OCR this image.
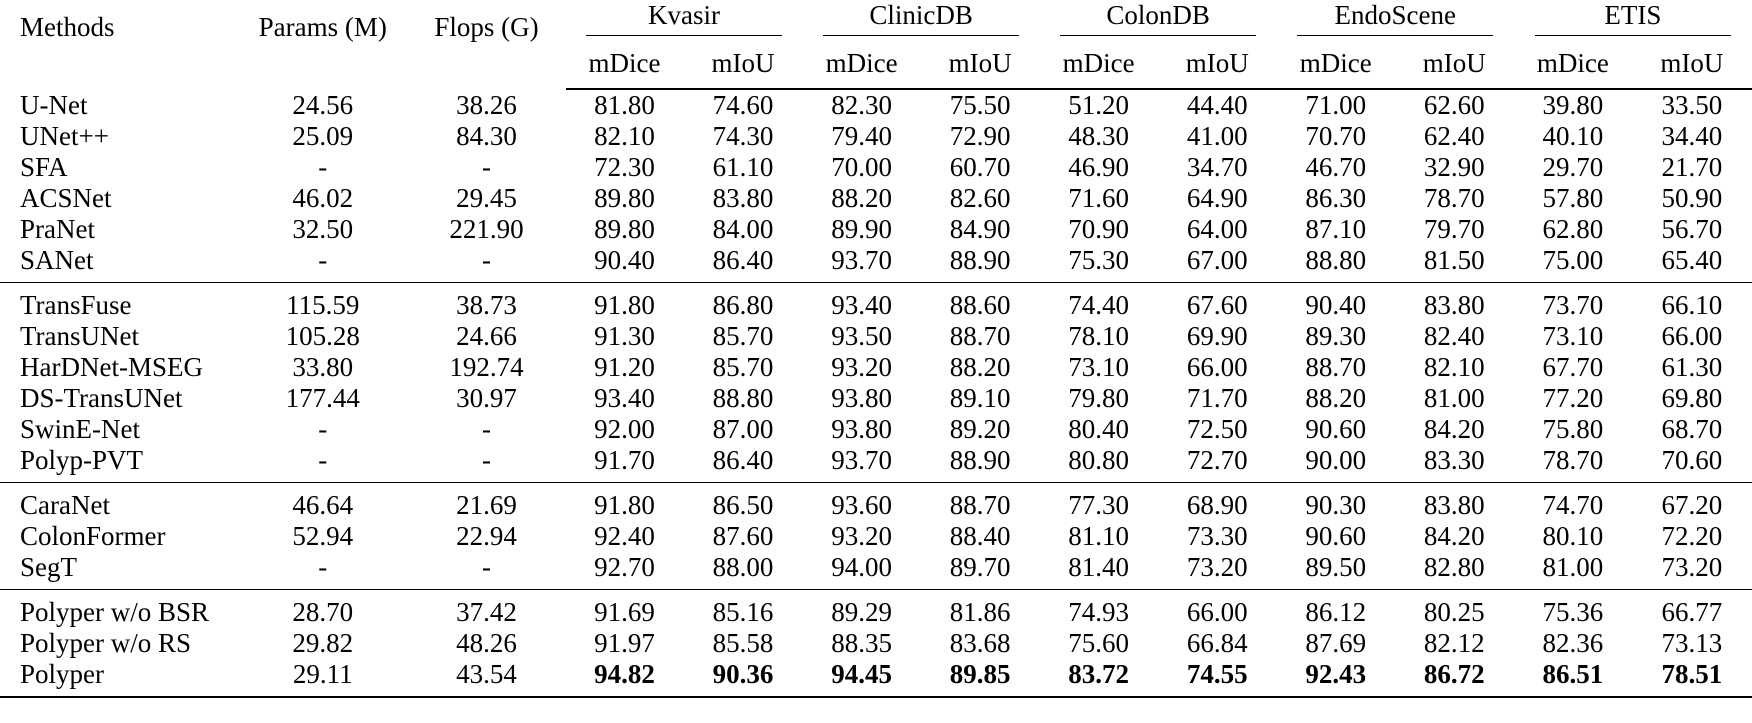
Methods	Params (M)	Flops (G)	Kvasir		ClinicDB		ColonDB		EndoScene		ETIS	
			mDice	mIoU	mDice	mIoU	mDice	mIoU	mDice	mIoU	mDice	mIoU
U-Net	24.56	38.26	81.80	74.60	82.30	75.50	51.20	44.40	71.00	62.60	39.80	33.50
UNet++	25.09	84.30	82.10	74.30	79.40	72.90	48.30	41.00	70.70	62.40	40.10	34.40
SFA	-	-	72.30	61.10	70.00	60.70	46.90	34.70	46.70	32.90	29.70	21.70
ACSNet	46.02	29.45	89.80	83.80	88.20	82.60	71.60	64.90	86.30	78.70	57.80	50.90
PraNet	32.50	221.90	89.80	84.00	89.90	84.90	70.90	64.00	87.10	79.70	62.80	56.70
SANet	-	-	90.40	86.40	93.70	88.90	75.30	67.00	88.80	81.50	75.00	65.40
TransFuse	115.59	38.73	91.80	86.80	93.40	88.60	74.40	67.60	90.40	83.80	73.70	66.10
TransUNet	105.28	24.66	91.30	85.70	93.50	88.70	78.10	69.90	89.30	82.40	73.10	66.00
HarDNet-MSEG	33.80	192.74	91.20	85.70	93.20	88.20	73.10	66.00	88.70	82.10	67.70	61.30
DS-TransUNet	177.44	30.97	93.40	88.80	93.80	89.10	79.80	71.70	88.20	81.00	77.20	69.80
SwinE-Net	-	-	92.00	87.00	93.80	89.20	80.40	72.50	90.60	84.20	75.80	68.70
Polyp-PVT	-	-	91.70	86.40	93.70	88.90	80.80	72.70	90.00	83.30	78.70	70.60
CaraNet	46.64	21.69	91.80	86.50	93.60	88.70	77.30	68.90	90.30	83.80	74.70	67.20
ColonFormer	52.94	22.94	92.40	87.60	93.20	88.40	81.10	73.30	90.60	84.20	80.10	72.20
SegT	-	-	92.70	88.00	94.00	89.70	81.40	73.20	89.50	82.80	81.00	73.20
Polyper w/o BSR	28.70	37.42	91.69	85.16	89.29	81.86	74.93	66.00	86.12	80.25	75.36	66.77
Polyper w/o RS	29.82	48.26	91.97	85.58	88.35	83.68	75.60	66.84	87.69	82.12	82.36	73.13
Polyper	29.11	43.54	94.82	90.36	94.45	89.85	83.72	74.55	92.43	86.72	86.51	78.51
